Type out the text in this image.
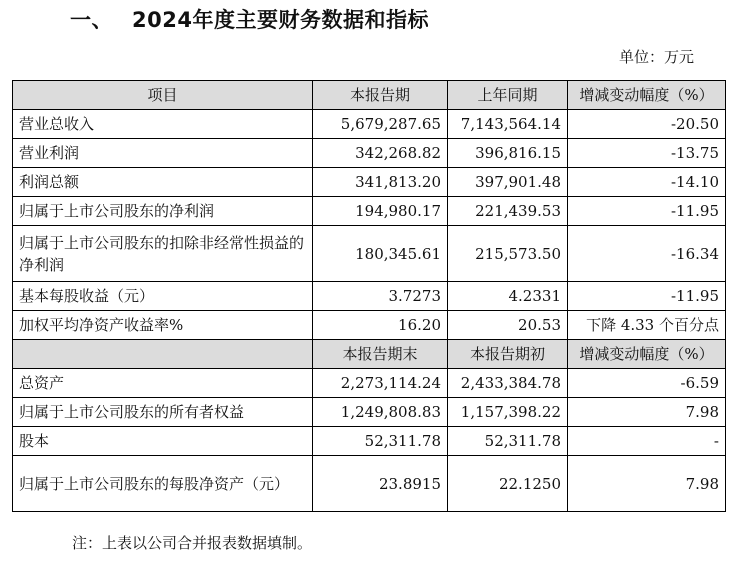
一、 2024年度主要财务数据和指标
单位：万元
项目	本报告期	上年同期	增减变动幅度（%）
营业总收入	5,679,287.65	7,143,564.14	-20.50
营业利润	342,268.82	396,816.15	-13.75
利润总额	341,813.20	397,901.48	-14.10
归属于上市公司股东的净利润	194,980.17	221,439.53	-11.95
归属于上市公司股东的扣除非经常性损益的净利润	180,345.61	215,573.50	-16.34
基本每股收益（元）	3.7273	4.2331	-11.95
加权平均净资产收益率%	16.20	20.53	下降 4.33 个百分点
	本报告期末	本报告期初	增减变动幅度（%）
总资产	2,273,114.24	2,433,384.78	-6.59
归属于上市公司股东的所有者权益	1,249,808.83	1,157,398.22	7.98
股本	52,311.78	52,311.78	-
归属于上市公司股东的每股净资产（元）	23.8915	22.1250	7.98
注：上表以公司合并报表数据填制。
